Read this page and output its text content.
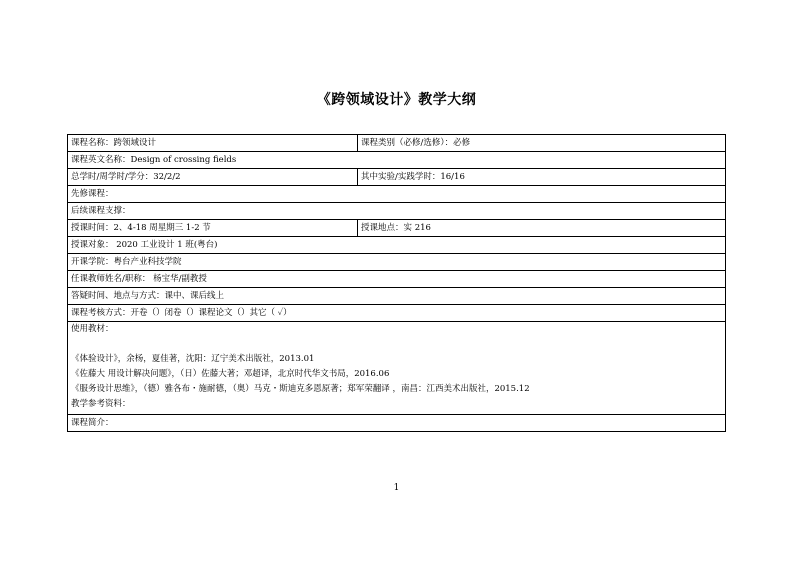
《跨领域设计》教学大纲
课程名称：跨领域设计	课程类别（必修/选修）：必修
课程英文名称：Design of crossing fields	
总学时/周学时/学分：32/2/2	其中实验/实践学时：16/16
先修课程：	
后续课程支撑：	
授课时间：2、4-18 周星期三 1-2 节	授课地点：实 216
授课对象： 2020 工业设计 1 班(粤台)	
开课学院：粤台产业科技学院	
任课教师姓名/职称： 杨宝华/副教授	
答疑时间、地点与方式：课中、课后线上	
课程考核方式：开卷（）闭卷（）课程论文（）其它（ ✓）	

使用教材：
《体验设计》，余杨，夏佳著，沈阳：辽宁美术出版社，2013.01
《佐藤大 用设计解决问题》，（日）佐藤大著；邓超译，北京时代华文书局，2016.06
《服务设计思维》，（德）雅各布・施耐德，（奥）马克・斯迪克多恩原著；郑军荣翻译 ，南昌：江西美术出版社，2015.12
教学参考资料：	

课程简介：	
1
